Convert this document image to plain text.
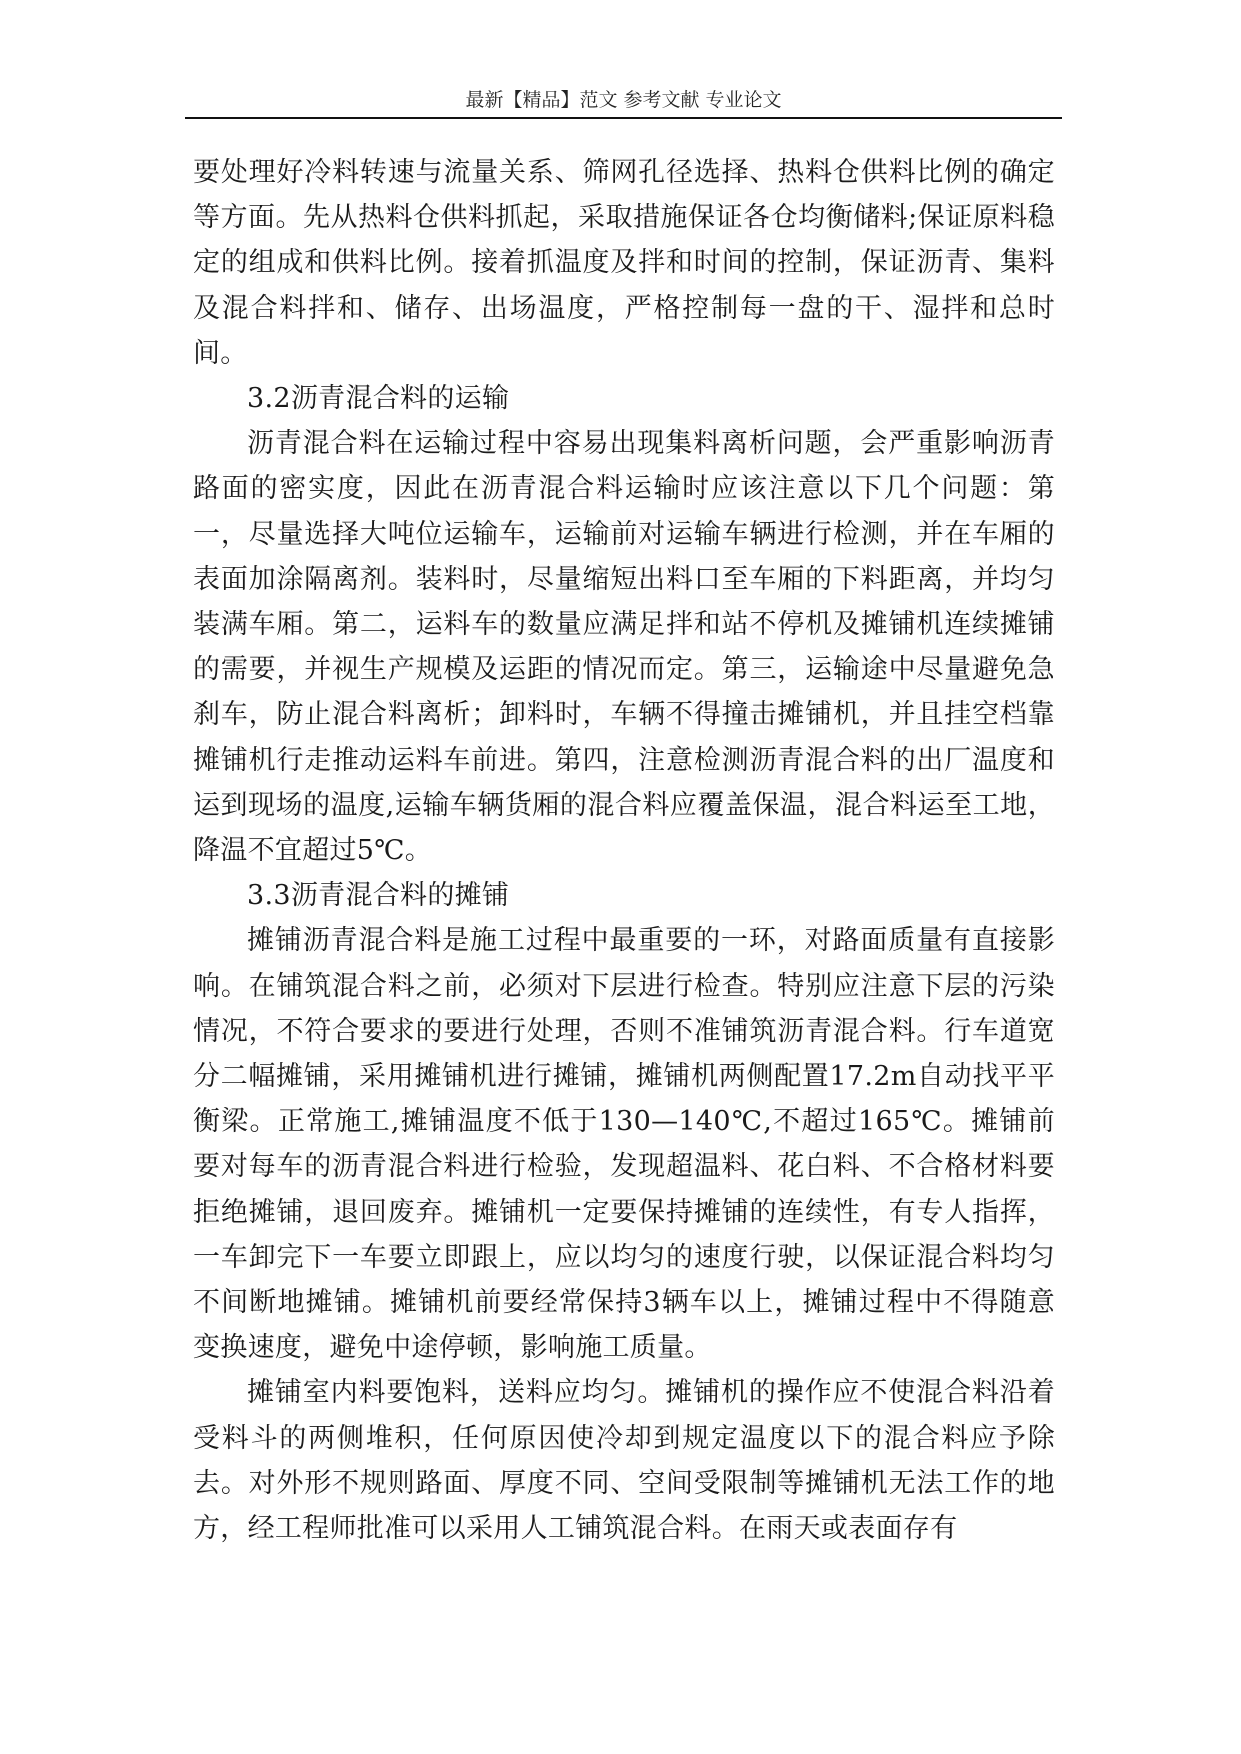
最新【精品】范文 参考文献 专业论文

要处理好冷料转速与流量关系、筛网孔径选择、热料仓供料比例的确定等方面。先从热料仓供料抓起，采取措施保证各仓均衡储料;保证原料稳定的组成和供料比例。接着抓温度及拌和时间的控制，保证沥青、集料及混合料拌和、储存、出场温度，严格控制每一盘的干、湿拌和总时间。

3.2沥青混合料的运输

沥青混合料在运输过程中容易出现集料离析问题，会严重影响沥青路面的密实度，因此在沥青混合料运输时应该注意以下几个问题：第一，尽量选择大吨位运输车，运输前对运输车辆进行检测，并在车厢的表面加涂隔离剂。装料时，尽量缩短出料口至车厢的下料距离，并均匀装满车厢。第二，运料车的数量应满足拌和站不停机及摊铺机连续摊铺的需要，并视生产规模及运距的情况而定。第三，运输途中尽量避免急刹车，防止混合料离析；卸料时，车辆不得撞击摊铺机，并且挂空档靠摊铺机行走推动运料车前进。第四，注意检测沥青混合料的出厂温度和运到现场的温度,运输车辆货厢的混合料应覆盖保温，混合料运至工地，降温不宜超过5℃。

3.3沥青混合料的摊铺

摊铺沥青混合料是施工过程中最重要的一环，对路面质量有直接影响。在铺筑混合料之前，必须对下层进行检查。特别应注意下层的污染情况，不符合要求的要进行处理，否则不准铺筑沥青混合料。行车道宽分二幅摊铺，采用摊铺机进行摊铺，摊铺机两侧配置17.2m自动找平平衡梁。正常施工,摊铺温度不低于130—140℃,不超过165℃。摊铺前要对每车的沥青混合料进行检验，发现超温料、花白料、不合格材料要拒绝摊铺，退回废弃。摊铺机一定要保持摊铺的连续性，有专人指挥，一车卸完下一车要立即跟上，应以均匀的速度行驶，以保证混合料均匀不间断地摊铺。摊铺机前要经常保持3辆车以上，摊铺过程中不得随意变换速度，避免中途停顿，影响施工质量。

摊铺室内料要饱料，送料应均匀。摊铺机的操作应不使混合料沿着受料斗的两侧堆积，任何原因使冷却到规定温度以下的混合料应予除去。对外形不规则路面、厚度不同、空间受限制等摊铺机无法工作的地方，经工程师批准可以采用人工铺筑混合料。在雨天或表面存有
